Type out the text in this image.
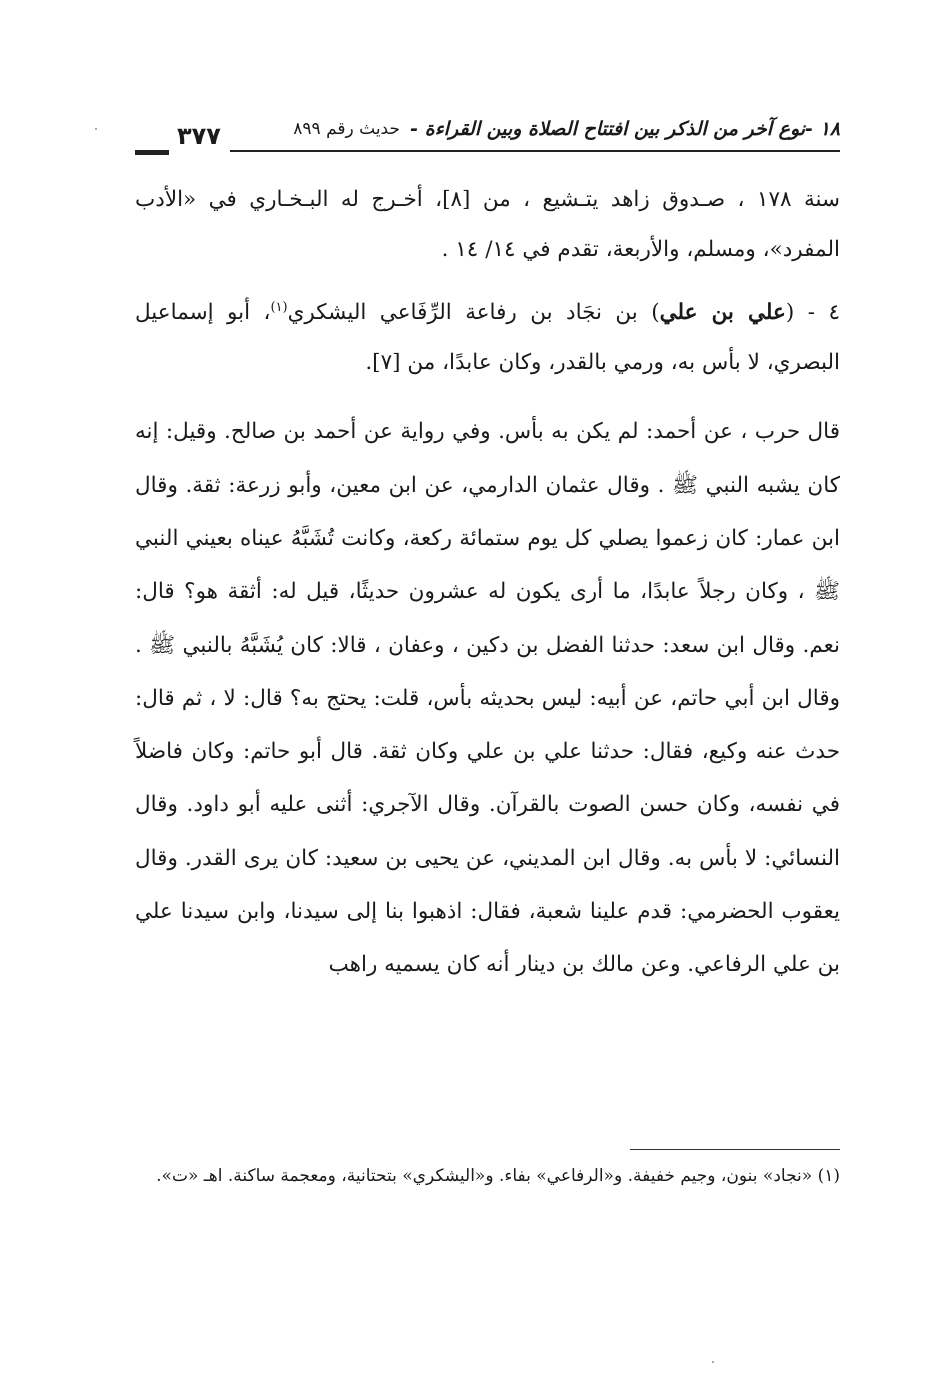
١٨ -نوع آخر من الذكر بين افتتاح الصلاة وبين القراءة -
حديث رقم ٨٩٩
٣٧٧

سنة ١٧٨ ، صـدوق زاهد يتـشيع ، من [٨]، أخـرج له البـخـاري في «الأدب المفرد»، ومسلم، والأربعة، تقدم في ١٤/ ١٤ .

٤ - (علي بن علي) بن نجَاد بن رفاعة الرِّفَاعي اليشكري$^{(١)}$، أبو إسماعيل البصري، لا بأس به، ورمي بالقدر، وكان عابدًا، من [٧].

قال حرب ، عن أحمد: لم يكن به بأس. وفي رواية عن أحمد بن صالح. وقيل: إنه كان يشبه النبي ﷺ . وقال عثمان الدارمي، عن ابن معين، وأبو زرعة: ثقة. وقال ابن عمار: كان زعموا يصلي كل يوم ستمائة ركعة، وكانت تُشَبَّهُ عيناه بعيني النبي ﷺ ، وكان رجلاً عابدًا، ما أرى يكون له عشرون حديثًا، قيل له: أثقة هو؟ قال: نعم. وقال ابن سعد: حدثنا الفضل بن دكين ، وعفان ، قالا: كان يُشَبَّهُ بالنبي ﷺ . وقال ابن أبي حاتم، عن أبيه: ليس بحديثه بأس، قلت: يحتج به؟ قال: لا ، ثم قال: حدث عنه وكيع، فقال: حدثنا علي بن علي وكان ثقة. قال أبو حاتم: وكان فاضلاً في نفسه، وكان حسن الصوت بالقرآن. وقال الآجري: أثنى عليه أبو داود. وقال النسائي: لا بأس به. وقال ابن المديني، عن يحيى بن سعيد: كان يرى القدر. وقال يعقوب الحضرمي: قدم علينا شعبة، فقال: اذهبوا بنا إلى سيدنا، وابن سيدنا علي بن علي الرفاعي. وعن مالك بن دينار أنه كان يسميه راهب

(١) «نجاد» بنون، وجيم خفيفة. و«الرفاعي» بفاء. و«اليشكري» بتحتانية، ومعجمة ساكنة. اهـ «ت».
